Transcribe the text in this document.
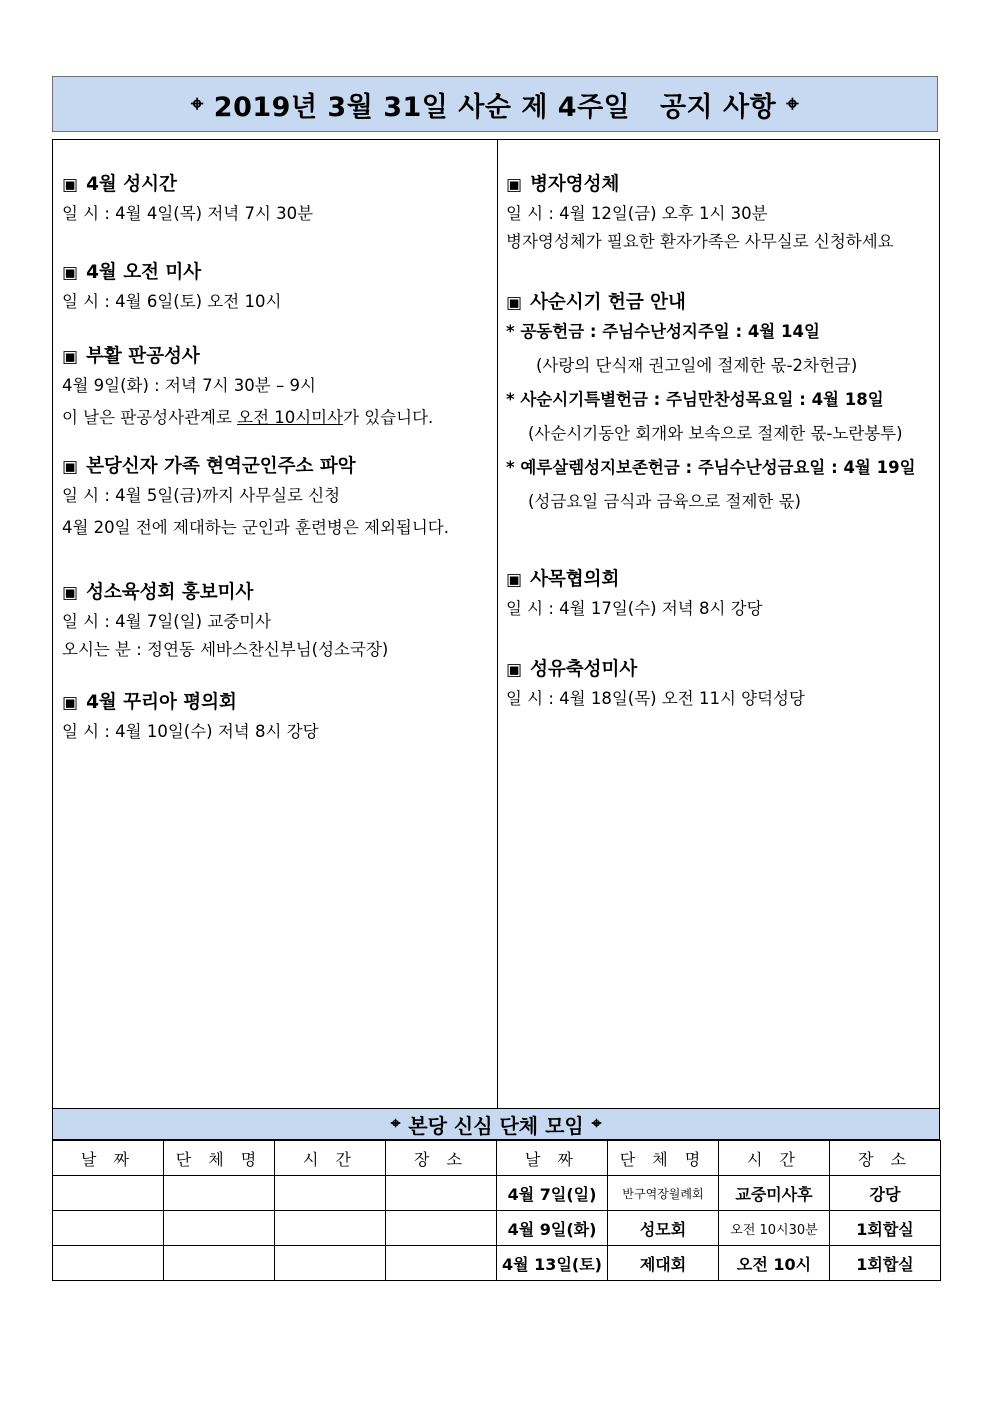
⌖ 2019년 3월 31일 사순 제 4주일   공지 사항 ⌖
▣ 4월 성시간
일 시 : 4월 4일(목) 저녁 7시 30분
▣ 4월 오전 미사
일 시 : 4월 6일(토) 오전 10시
▣ 부활 판공성사
4월 9일(화) : 저녁 7시 30분 – 9시
이 날은 판공성사관계로 오전 10시미사가 있습니다.
▣ 본당신자 가족 현역군인주소 파악
일 시 : 4월 5일(금)까지 사무실로 신청
4월 20일 전에 제대하는 군인과 훈련병은 제외됩니다.
▣ 성소육성회 홍보미사
일 시 : 4월 7일(일) 교중미사
오시는 분 : 정연동 세바스찬신부님(성소국장)
▣ 4월 꾸리아 평의회
일 시 : 4월 10일(수) 저녁 8시 강당
▣ 병자영성체
일 시 : 4월 12일(금) 오후 1시 30분
병자영성체가 필요한 환자가족은 사무실로 신청하세요
▣ 사순시기 헌금 안내
* 공동헌금 : 주님수난성지주일 : 4월 14일
(사랑의 단식재 권고일에 절제한 몫-2차헌금)
* 사순시기특별헌금 : 주님만찬성목요일 : 4월 18일
(사순시기동안 회개와 보속으로 절제한 몫-노란봉투)
* 예루살렘성지보존헌금 : 주님수난성금요일 : 4월 19일
(성금요일 금식과 금육으로 절제한 몫)
▣ 사목협의회
일 시 : 4월 17일(수) 저녁 8시 강당
▣ 성유축성미사
일 시 : 4월 18일(목) 오전 11시 양덕성당
⌖ 본당 신심 단체 모임 ⌖
날 짜	단 체 명	시 간	장 소	날 짜	단 체 명	시 간	장 소
				4월 7일(일)	반구역장월례회	교중미사후	강당
				4월 9일(화)	성모회	오전 10시30분	1회합실
				4월 13일(토)	제대회	오전 10시	1회합실
